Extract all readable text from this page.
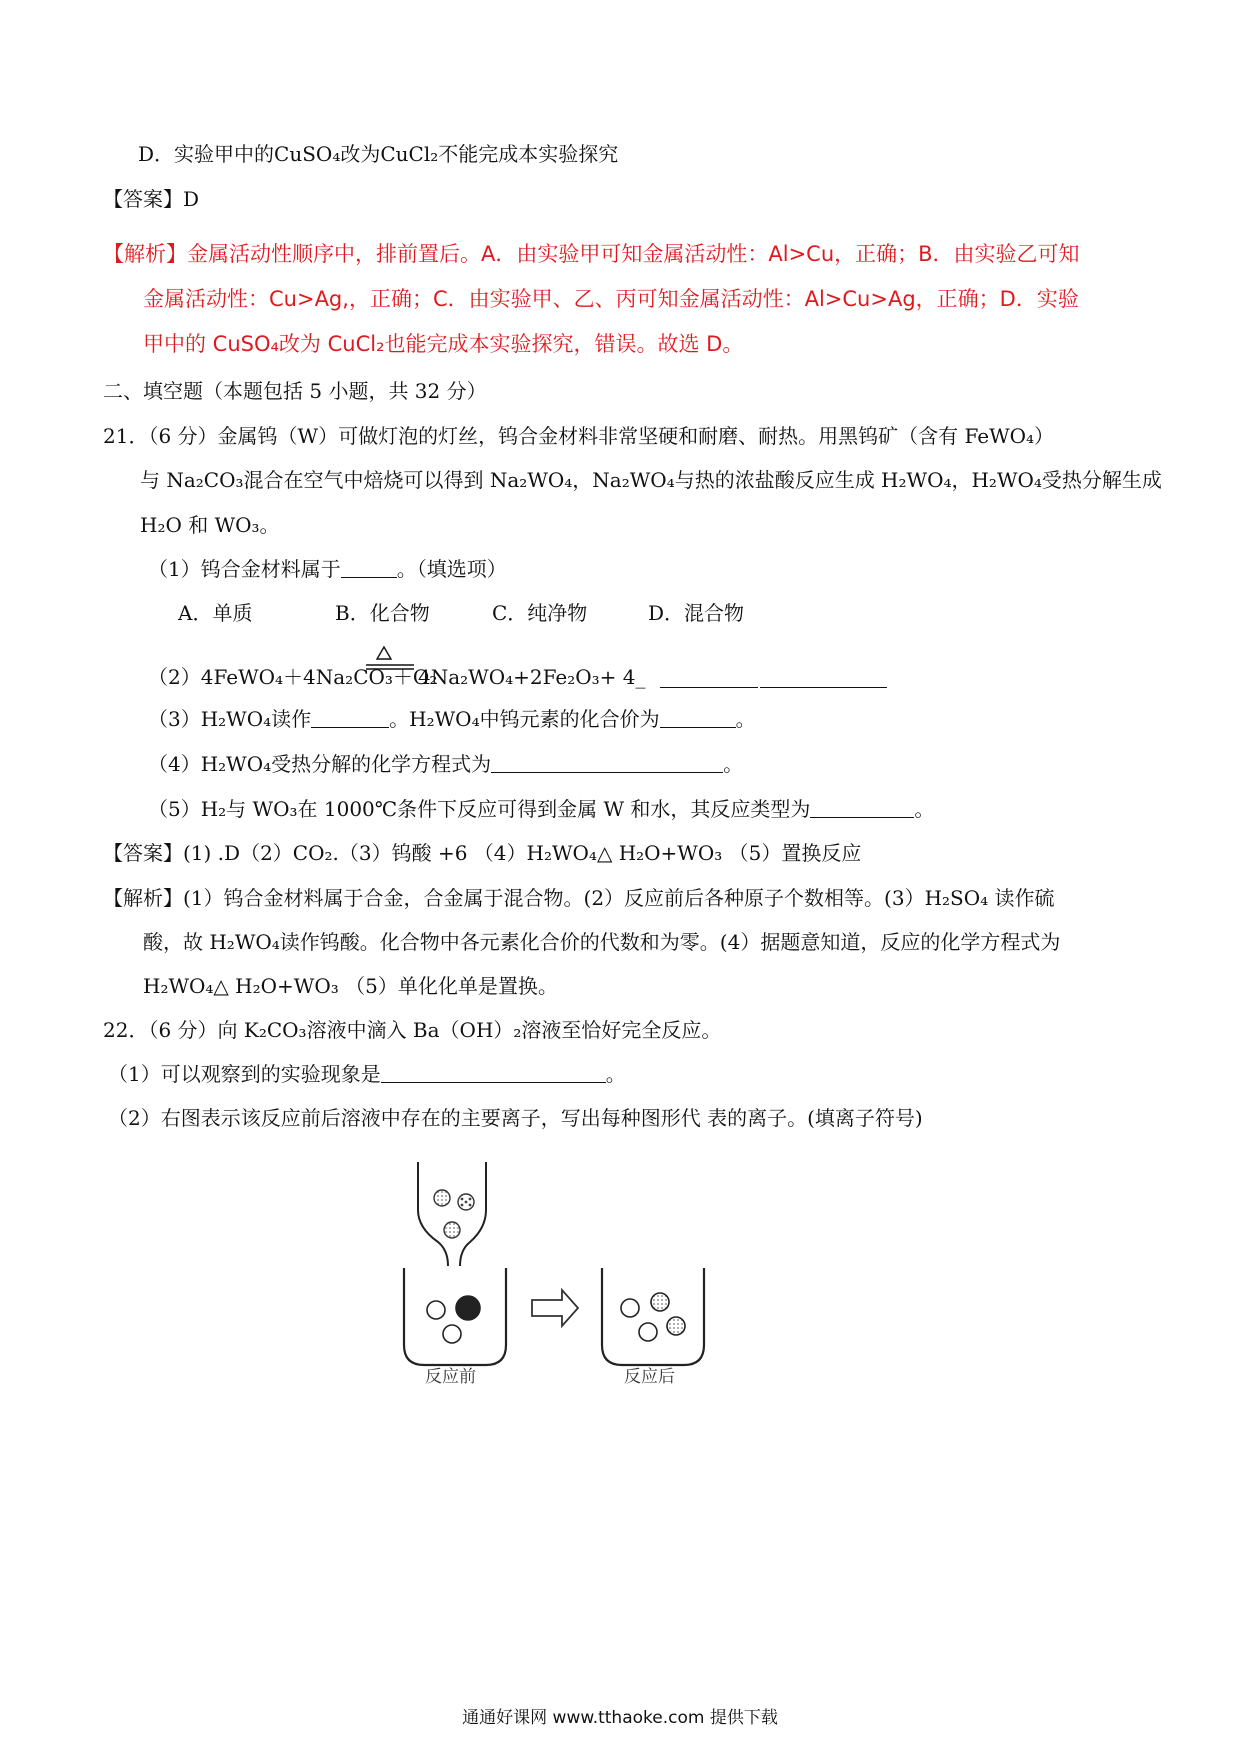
D．实验甲中的CuSO₄改为CuCl₂不能完成本实验探究
【答案】D
【解析】金属活动性顺序中，排前置后。A．由实验甲可知金属活动性：Al>Cu，正确；B．由实验乙可知
金属活动性：Cu>Ag,，正确；C．由实验甲、乙、丙可知金属活动性：Al>Cu>Ag，正确；D．实验
甲中的 CuSO₄改为 CuCl₂也能完成本实验探究，错误。故选 D。
二、填空题（本题包括 5 小题，共 32 分）
21．（6 分）金属钨（W）可做灯泡的灯丝，钨合金材料非常坚硬和耐磨、耐热。用黑钨矿（含有 FeWO₄）
与 Na₂CO₃混合在空气中焙烧可以得到 Na₂WO₄，Na₂WO₄与热的浓盐酸反应生成 H₂WO₄，H₂WO₄受热分解生成
H₂O 和 WO₃。
（1）钨合金材料属于	。（填选项）
A．单质	B．化合物	C．纯净物	D．混合物
（2）4FeWO₄＋4Na₂CO₃＋O₂
4Na₂WO₄+2Fe₂O₃+ 4_
（3）H₂WO₄读作	。H₂WO₄中钨元素的化合价为	。
（4）H₂WO₄受热分解的化学方程式为	。
（5）H₂与 WO₃在 1000℃条件下反应可得到金属 W 和水，其反应类型为	。
【答案】(1) .D（2）CO₂.（3）钨酸 +6 （4）H₂WO₄△ H₂O+WO₃ （5）置换反应
【解析】(1）钨合金材料属于合金，合金属于混合物。(2）反应前后各种原子个数相等。(3）H₂SO₄ 读作硫
酸，故 H₂WO₄读作钨酸。化合物中各元素化合价的代数和为零。(4）据题意知道，反应的化学方程式为
H₂WO₄△ H₂O+WO₃ （5）单化化单是置换。
22．（6 分）向 K₂CO₃溶液中滴入 Ba（OH）₂溶液至恰好完全反应。
（1）可以观察到的实验现象是	。
（2）右图表示该反应前后溶液中存在的主要离子，写出每种图形代 表的离子。(填离子符号)
反应前	反应后
通通好课网 www.tthaoke.com 提供下载
